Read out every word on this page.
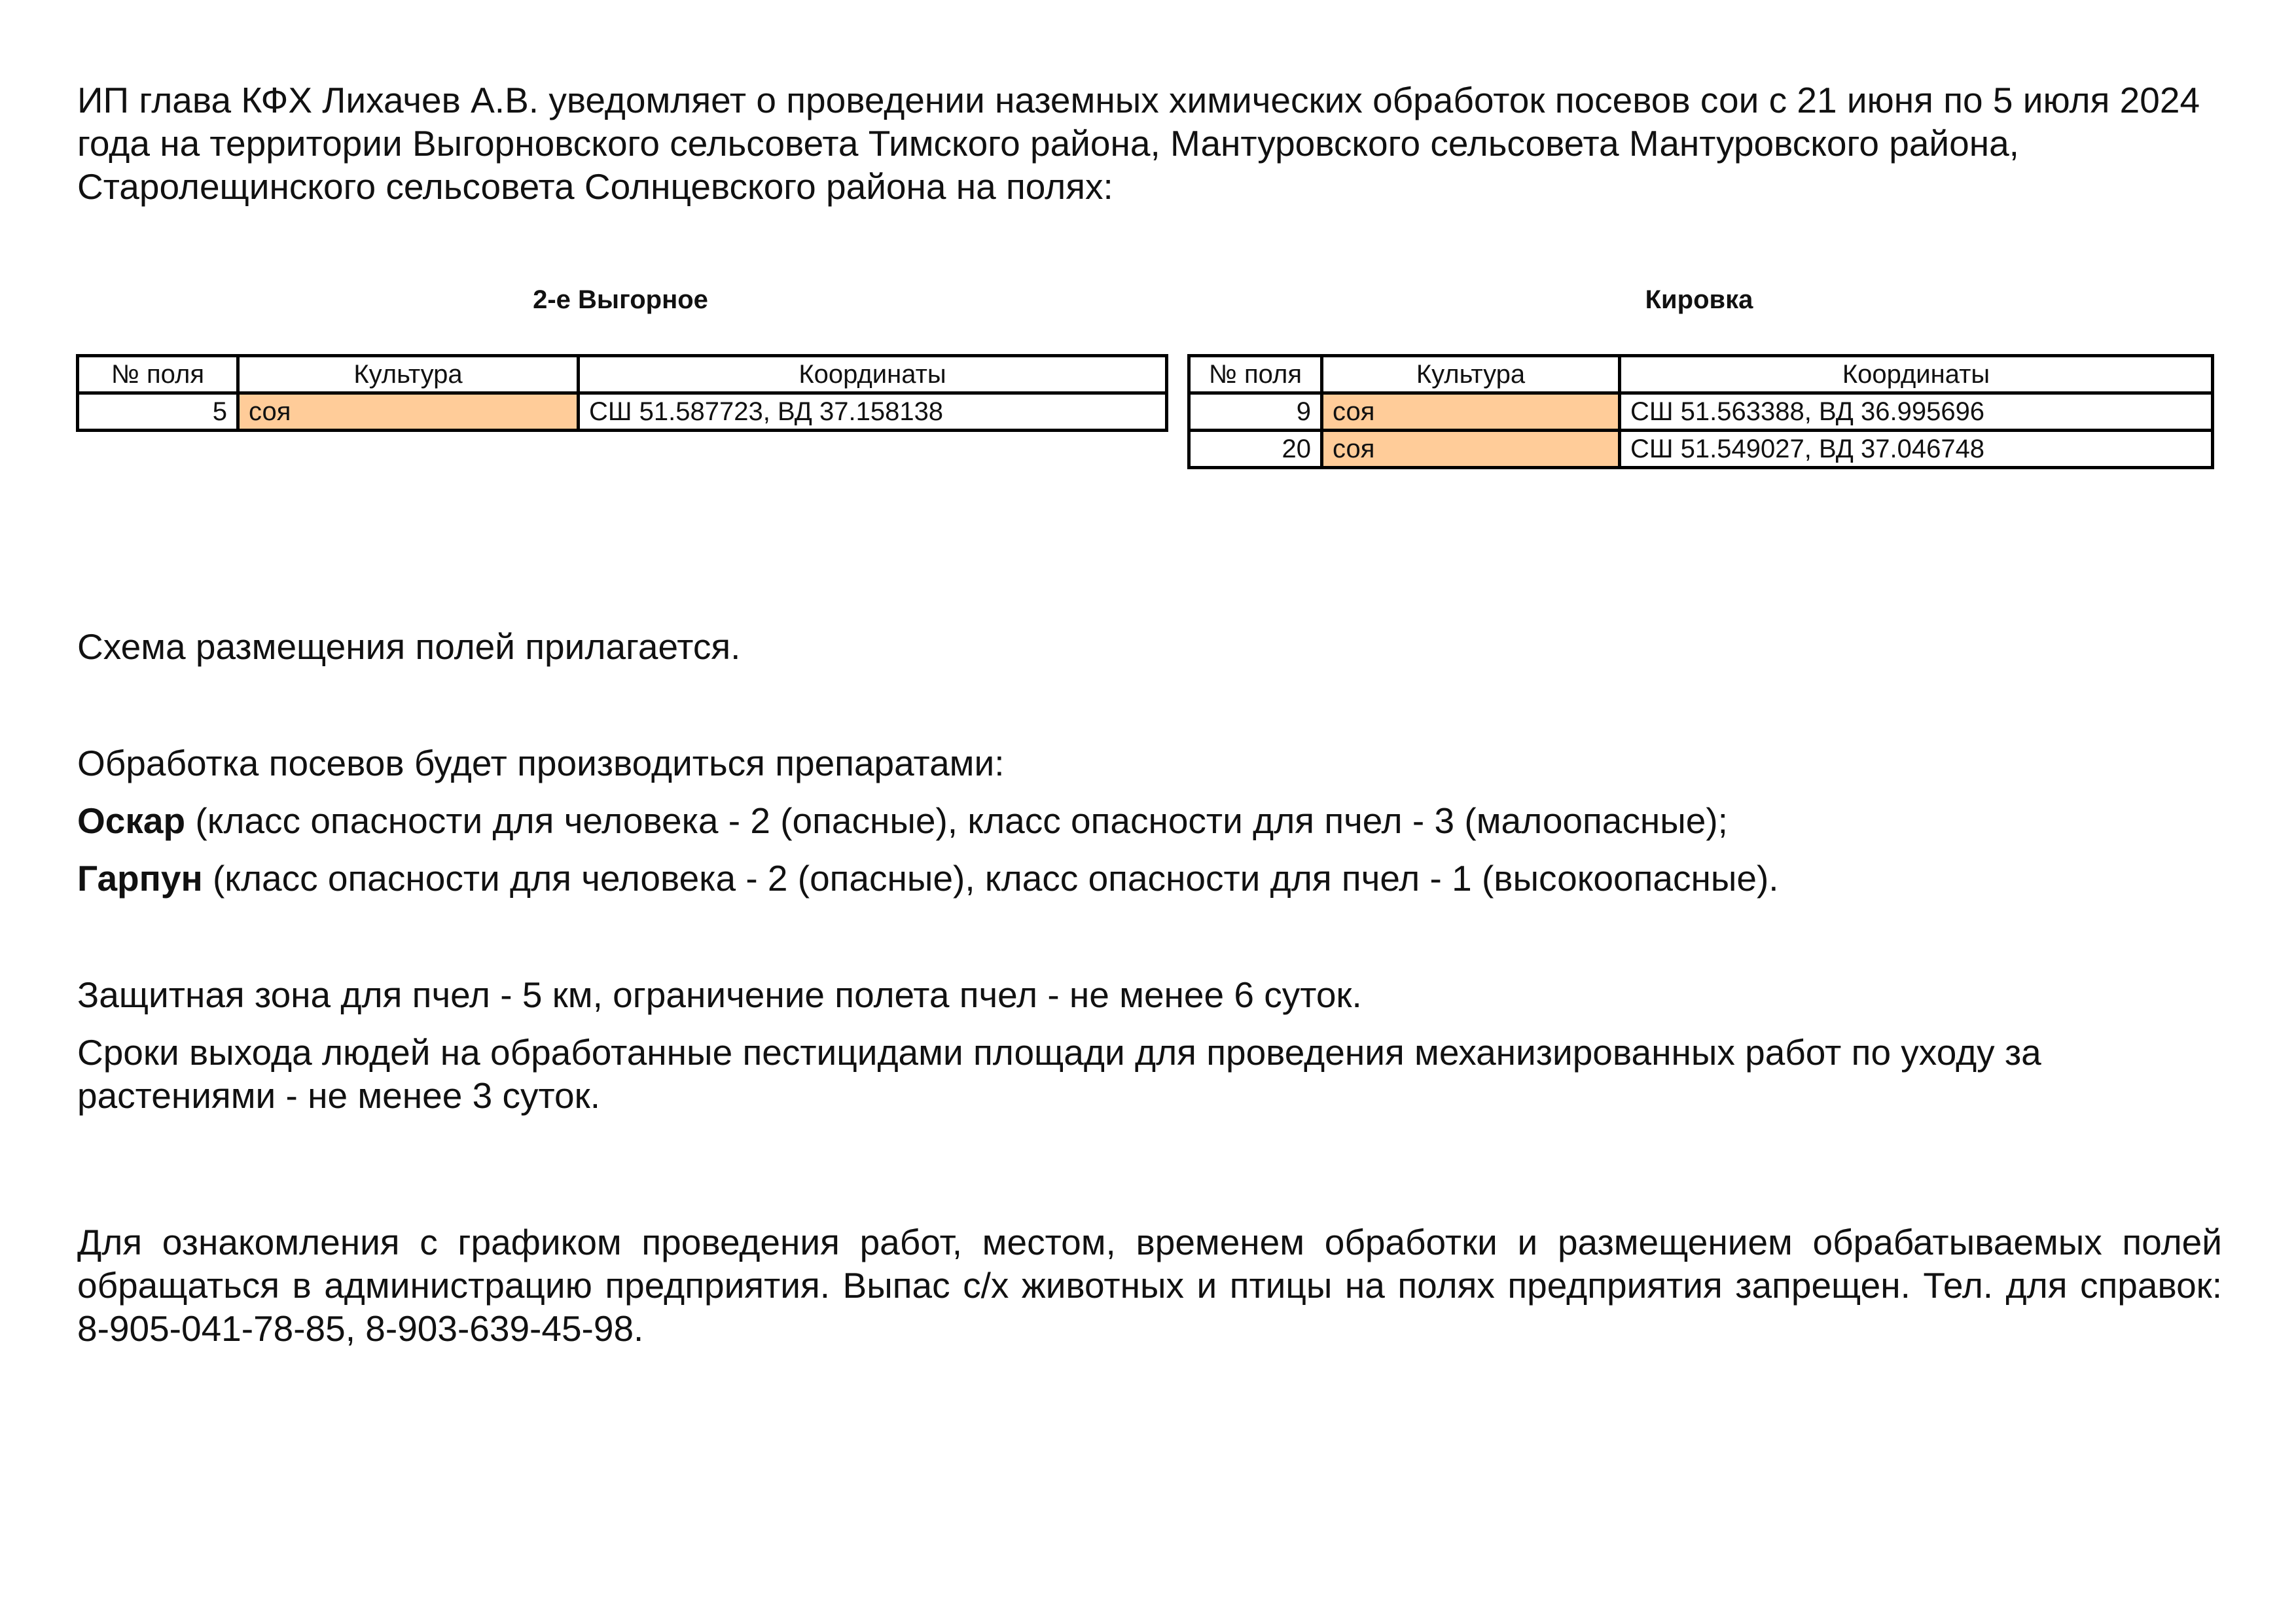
ИП глава КФХ Лихачев А.В. уведомляет о проведении наземных химических обработок посевов сои с 21 июня по 5 июля 2024 года на территории Выгорновского сельсовета Тимского района, Мантуровского сельсовета Мантуровского района, Старолещинского сельсовета Солнцевского района на полях:

2-е Выгорное	Кировка
№ поля	Культура	Координаты
5	соя	СШ 51.587723, ВД 37.158138
№ поля	Культура	Координаты
9	соя	СШ 51.563388, ВД 36.995696
20	соя	СШ 51.549027, ВД 37.046748

Схема размещения полей прилагается.

Обработка посевов будет производиться препаратами:

Оскар (класс опасности для человека - 2 (опасные), класс опасности для пчел - 3 (малоопасные);

Гарпун (класс опасности для человека - 2 (опасные), класс опасности для пчел - 1 (высокоопасные).

Защитная зона для пчел - 5 км, ограничение полета пчел - не менее 6 суток.

Сроки выхода людей на обработанные пестицидами площади для проведения механизированных работ по уходу за растениями - не менее 3 суток.

Для ознакомления с графиком проведения работ, местом, временем обработки и размещением обрабатываемых полей обращаться в администрацию предприятия. Выпас с/х животных и птицы на полях предприятия запрещен. Тел. для справок: 8-905-041-78-85, 8-903-639-45-98.
